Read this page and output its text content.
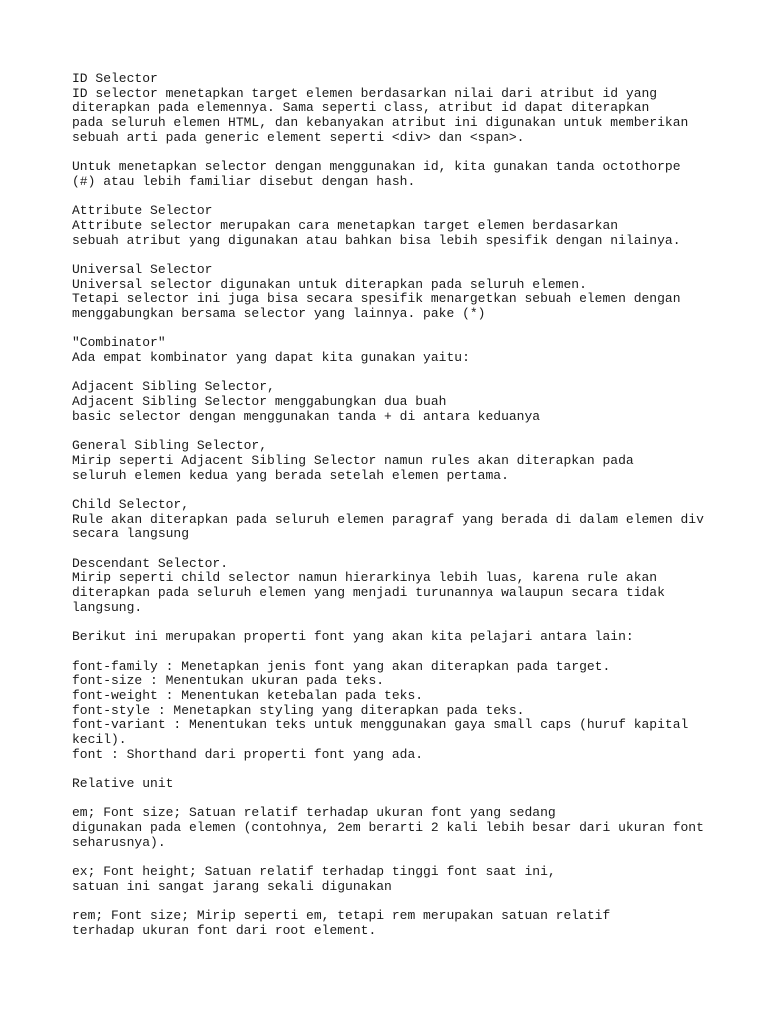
ID Selector
ID selector menetapkan target elemen berdasarkan nilai dari atribut id yang
diterapkan pada elemennya. Sama seperti class, atribut id dapat diterapkan
pada seluruh elemen HTML, dan kebanyakan atribut ini digunakan untuk memberikan
sebuah arti pada generic element seperti <div> dan <span>.
Untuk menetapkan selector dengan menggunakan id, kita gunakan tanda octothorpe
(#) atau lebih familiar disebut dengan hash.
Attribute Selector
Attribute selector merupakan cara menetapkan target elemen berdasarkan
sebuah atribut yang digunakan atau bahkan bisa lebih spesifik dengan nilainya.
Universal Selector
Universal selector digunakan untuk diterapkan pada seluruh elemen.
Tetapi selector ini juga bisa secara spesifik menargetkan sebuah elemen dengan
menggabungkan bersama selector yang lainnya. pake (*)
"Combinator"
Ada empat kombinator yang dapat kita gunakan yaitu:
Adjacent Sibling Selector,
Adjacent Sibling Selector menggabungkan dua buah
basic selector dengan menggunakan tanda + di antara keduanya
General Sibling Selector,
Mirip seperti Adjacent Sibling Selector namun rules akan diterapkan pada
seluruh elemen kedua yang berada setelah elemen pertama.
Child Selector,
Rule akan diterapkan pada seluruh elemen paragraf yang berada di dalam elemen div
secara langsung
Descendant Selector.
Mirip seperti child selector namun hierarkinya lebih luas, karena rule akan
diterapkan pada seluruh elemen yang menjadi turunannya walaupun secara tidak
langsung.
Berikut ini merupakan properti font yang akan kita pelajari antara lain:
font-family : Menetapkan jenis font yang akan diterapkan pada target.
font-size : Menentukan ukuran pada teks.
font-weight : Menentukan ketebalan pada teks.
font-style : Menetapkan styling yang diterapkan pada teks.
font-variant : Menentukan teks untuk menggunakan gaya small caps (huruf kapital
kecil).
font : Shorthand dari properti font yang ada.
Relative unit
em; Font size; Satuan relatif terhadap ukuran font yang sedang
digunakan pada elemen (contohnya, 2em berarti 2 kali lebih besar dari ukuran font
seharusnya).
ex; Font height; Satuan relatif terhadap tinggi font saat ini,
satuan ini sangat jarang sekali digunakan
rem; Font size; Mirip seperti em, tetapi rem merupakan satuan relatif
terhadap ukuran font dari root element.
